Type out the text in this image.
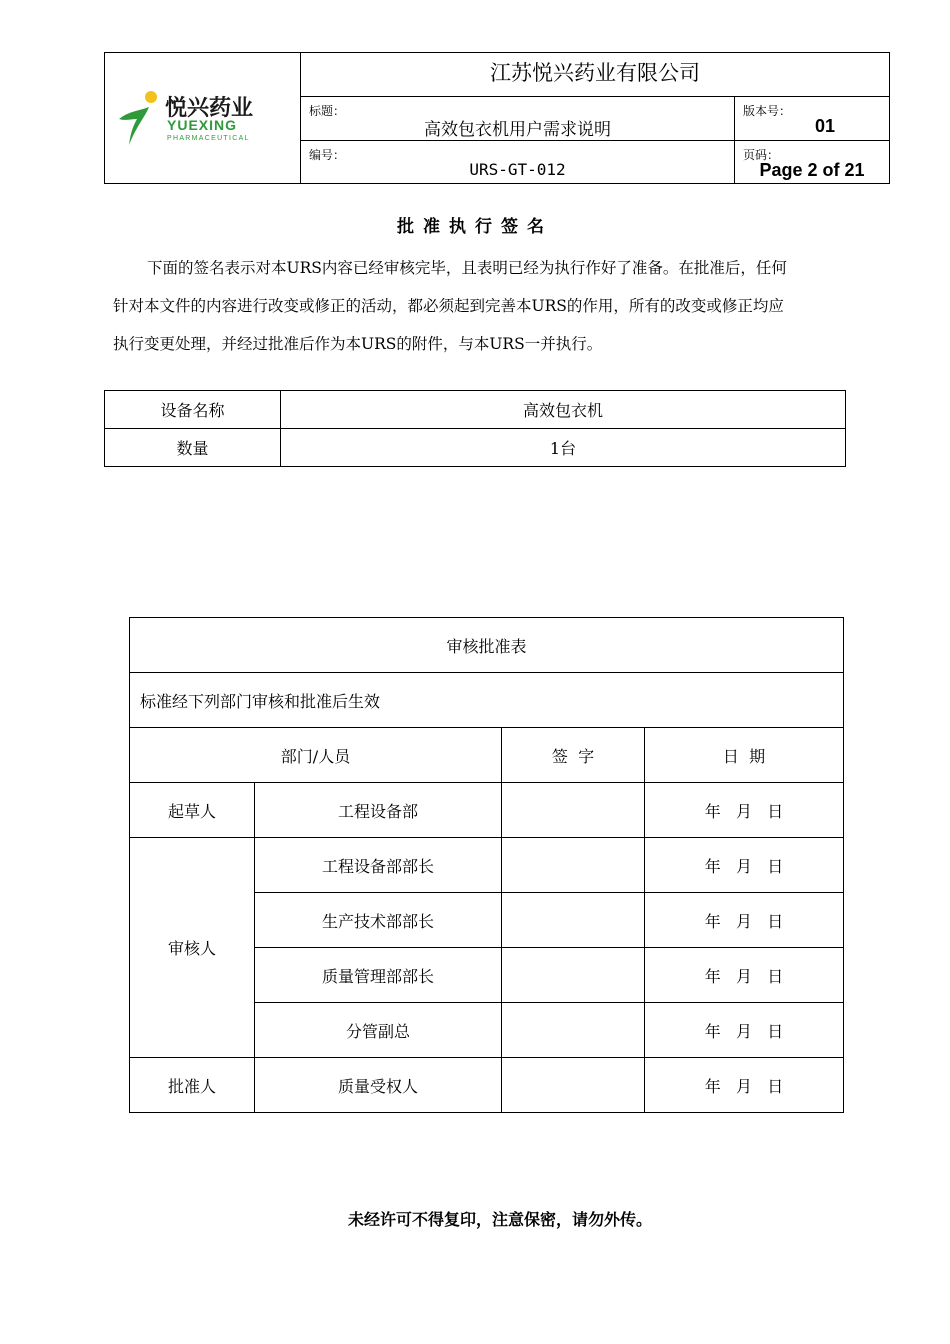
悦兴药业
YUEXING
PHARMACEUTICAL
江苏悦兴药业有限公司
标题：
高效包衣机用户需求说明
版本号：
01
编号：
URS-GT-012
页码：
Page 2 of 21
批准执行签名
下面的签名表示对本URS内容已经审核完毕，且表明已经为执行作好了准备。在批准后，任何
针对本文件的内容进行改变或修正的活动，都必须起到完善本URS的作用，所有的改变或修正均应
执行变更处理，并经过批准后作为本URS的附件，与本URS一并执行。
设备名称	高效包衣机
数量	1台
审核批准表			
标准经下列部门审核和批准后生效			
部门/人员		签  字	日  期
起草人	工程设备部		年   月   日
审核人	工程设备部部长		年   月   日
	生产技术部部长		年   月   日
	质量管理部部长		年   月   日
	分管副总		年   月   日
批准人	质量受权人		年   月   日
未经许可不得复印，注意保密，请勿外传。
